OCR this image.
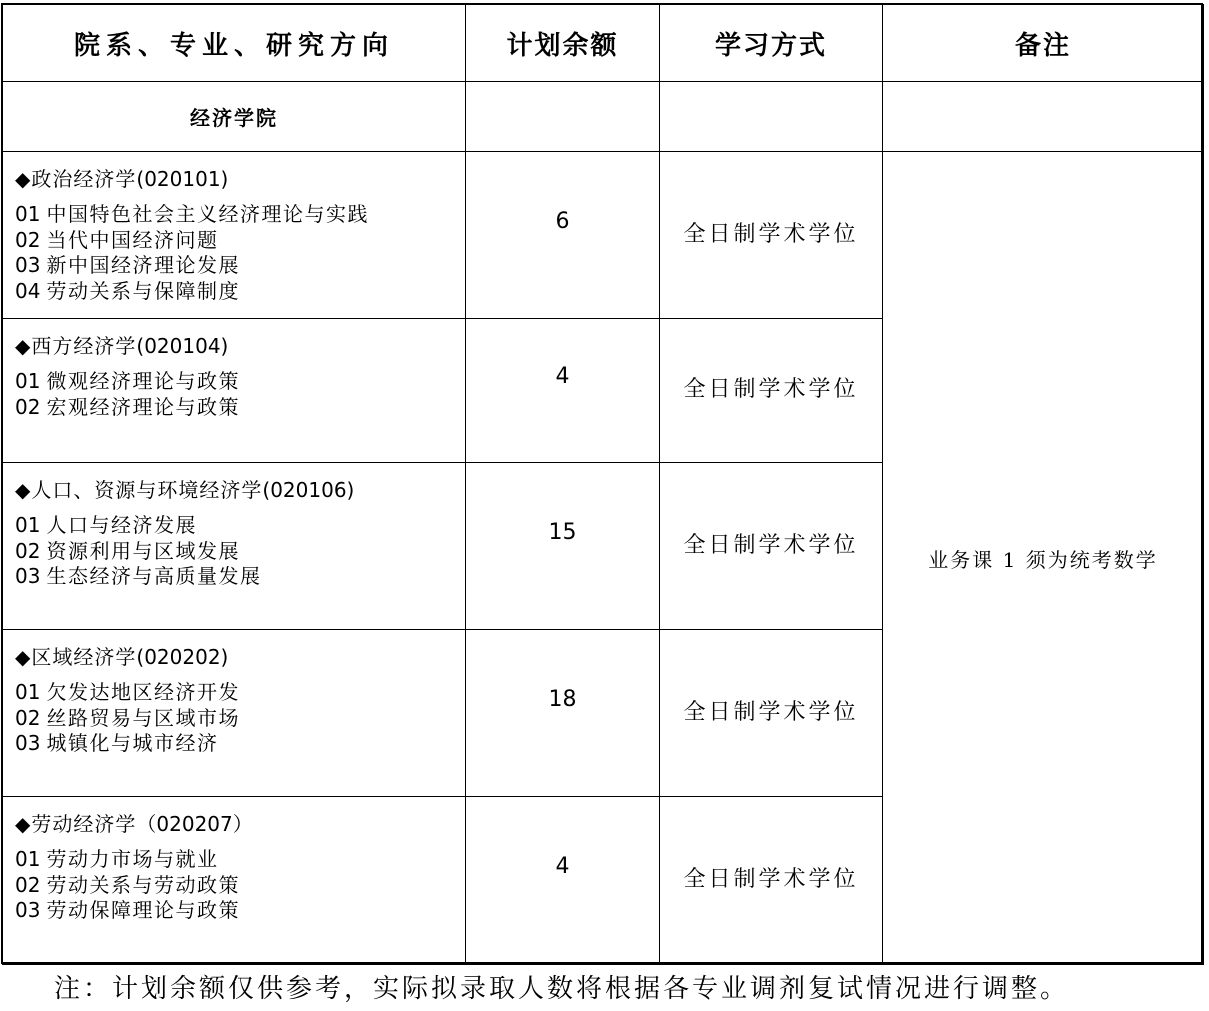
院系、专业、研究方向	计划余额	学习方式	备注
经济学院			

◆政治经济学(020101)
01 中国特色社会主义经济理论与实践
02 当代中国经济问题
03 新中国经济理论发展
04 劳动关系与保障制度	6	全日制学术学位	业务课 1 须为统考数学

◆西方经济学(020104)
01 微观经济理论与政策
02 宏观经济理论与政策	4	全日制学术学位	

◆人口、资源与环境经济学(020106)
01 人口与经济发展
02 资源利用与区域发展
03 生态经济与高质量发展	15	全日制学术学位	

◆区域经济学(020202)
01 欠发达地区经济开发
02 丝路贸易与区域市场
03 城镇化与城市经济	18	全日制学术学位	

◆劳动经济学（020207）
01 劳动力市场与就业
02 劳动关系与劳动政策
03 劳动保障理论与政策	4	全日制学术学位	
注：计划余额仅供参考，实际拟录取人数将根据各专业调剂复试情况进行调整。
